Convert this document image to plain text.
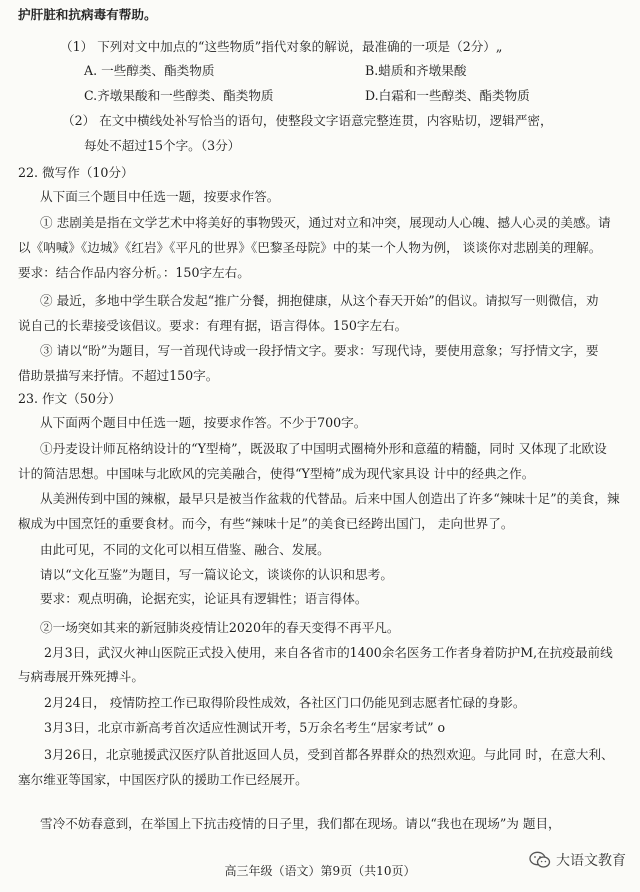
护肝脏和抗病毒有帮助。
（1） 下列对文中加点的“这些物质”指代对象的解说，最准确的一项是（2分）„
A. 一些醇类、酯类物质	B.蜡质和齐墩果酸
C.齐墩果酸和一些醇类、酯类物质	D.白霜和一些醇类、酯类物质
（2） 在文中横线处补写恰当的语句，使整段文字语意完整连贯，内容贴切，逻辑严密，
每处不超过15个字。（3分）
22. 微写作（10分）
从下面三个题目中任选一题，按要求作答。
① 悲剧美是指在文学艺术中将美好的事物毁灭，通过对立和冲突，展现动人心魄、撼人心灵的美感。请
以《呐喊》《边城》《红岩》《平凡的世界》《巴黎圣母院》中的某一个人物为例， 谈谈你对悲剧美的理解。
要求：结合作品内容分析。：150字左右。
② 最近，多地中学生联合发起“推广分餐，拥抱健康，从这个春天开始”的倡议。请拟写一则微信，劝
说自己的长辈接受该倡议。要求：有理有据，语言得体。150字左右。
③ 请以“盼”为题目，写一首现代诗或一段抒情文字。要求：写现代诗，要使用意象；写抒情文字，要
借助景描写来抒情。不超过150字。
23. 作文（50分）
从下面两个题目中任选一题，按要求作答。不少于700字。
①丹麦设计师瓦格纳设计的“Y型椅”，既汲取了中国明式圈椅外形和意蕴的精髓，同时 又体现了北欧设
计的简洁思想。中国味与北欧风的完美融合，使得“Y型椅”成为现代家具设 计中的经典之作。
从美洲传到中国的辣椒，最早只是被当作盆栽的代替品。后来中国人创造出了许多“辣味十足”的美食，辣
椒成为中国烹饪的重要食材。而今，有些“辣味十足”的美食已经跨出国门， 走向世界了。
由此可见，不同的文化可以相互借鉴、融合、发展。
请以“文化互鉴”为题目，写一篇议论文，谈谈你的认识和思考。
要求：观点明确，论据充实，论证具有逻辑性；语言得体。
②一场突如其来的新冠肺炎疫情让2020年的春天变得不再平凡。
2月3日，武汉火神山医院正式投入使用，来自各省市的1400余名医务工作者身着防护M,在抗疫最前线
与病毒展开殊死搏斗。
2月24日， 疫情防控工作已取得阶段性成效，各社区门口仍能见到志愿者忙碌的身影。
3月3日，北京市新高考首次适应性测试开考，5万余名考生“居家考试” o
3月26日，北京驰援武汉医疗队首批返回人员，受到首都各界群众的热烈欢迎。与此同 时，在意大利、
塞尔维亚等国家，中国医疗队的援助工作已经展开。
雪冷不妨春意到，在举国上下抗击疫情的日子里，我们都在现场。请以“我也在现场”为 题目，
高三年级（语文）第9页（共10页）
大语文教育
